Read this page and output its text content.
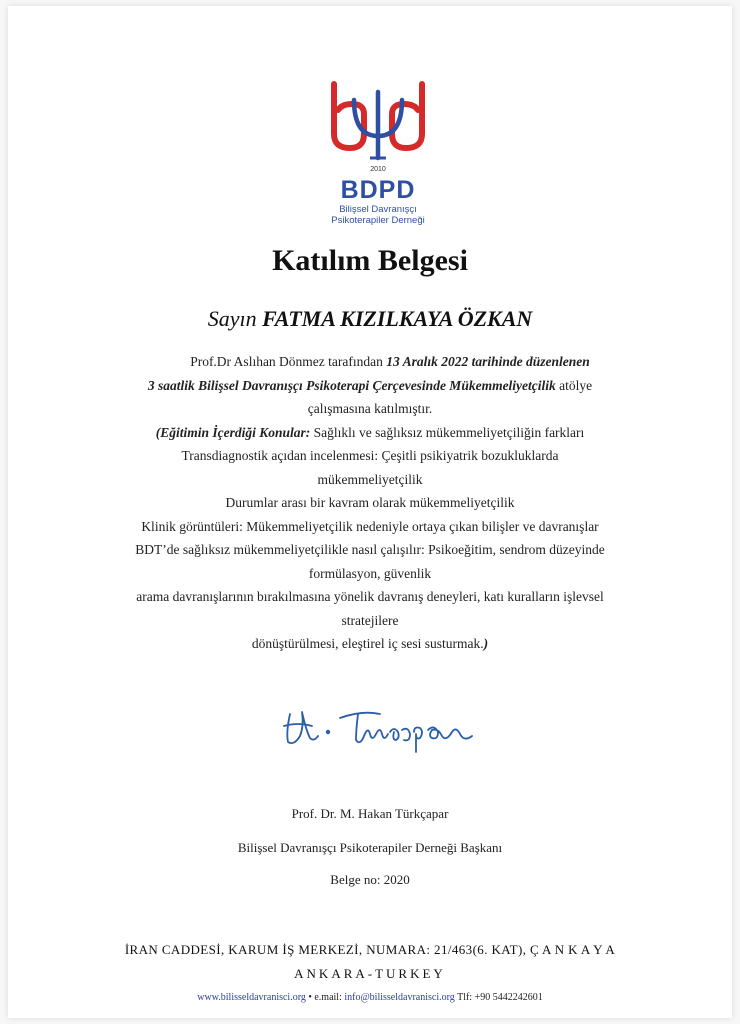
2010
BDPD
Bilişsel Davranışçı
Psikoterapiler Derneği
Katılım Belgesi
Sayın FATMA KIZILKAYA ÖZKAN

Prof.Dr Aslıhan Dönmez tarafından 13 Aralık 2022 tarihinde düzenlenen

3 saatlik Bilişsel Davranışçı Psikoterapi Çerçevesinde Mükemmeliyetçilik atölye

çalışmasına katılmıştır.

(Eğitimin İçerdiği Konular: Sağlıklı ve sağlıksız mükemmeliyetçiliğin farkları

Transdiagnostik açıdan incelenmesi: Çeşitli psikiyatrik bozukluklarda

mükemmeliyetçilik

Durumlar arası bir kavram olarak mükemmeliyetçilik

Klinik görüntüleri: Mükemmeliyetçilik nedeniyle ortaya çıkan bilişler ve davranışlar

BDT’de sağlıksız mükemmeliyetçilikle nasıl çalışılır: Psikoeğitim, sendrom düzeyinde

formülasyon, güvenlik

arama davranışlarının bırakılmasına yönelik davranış deneyleri, katı kuralların işlevsel

stratejilere

dönüştürülmesi, eleştirel iç sesi susturmak.)

Prof. Dr. M. Hakan Türkçapar
Bilişsel Davranışçı Psikoterapiler Derneği Başkanı
Belge no: 2020
İRAN CADDESİ, KARUM İŞ MERKEZİ, NUMARA: 21/463(6. KAT), Ç A N K A Y A
ANKARA-TURKEY
www.bilisseldavranisci.org • e.mail: info@bilisseldavranisci.org Tlf: +90 5442242601
